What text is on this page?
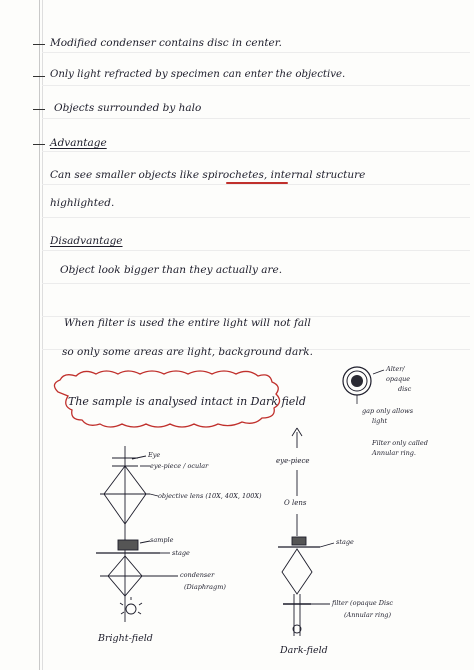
Modified condenser contains disc in center.
Only light refracted by specimen can enter the objective.
Objects surrounded by halo
Advantage
Can see smaller objects like spirochetes, internal structure
highlighted.
Disadvantage
Object look bigger than they actually are.
When filter is used the entire light will not fall
so only some areas are light, background dark.
The sample is analysed intact in Dark field
Alter/
opaque
disc
gap only allows
light
Filter only called
Annular ring.
Eye
eye-piece / ocular
objective lens (10X, 40X, 100X)
sample
stage
condenser
(Diaphragm)
Bright-field
eye-piece
O lens
stage
filter (opaque Disc
(Annular ring)
Dark-field
